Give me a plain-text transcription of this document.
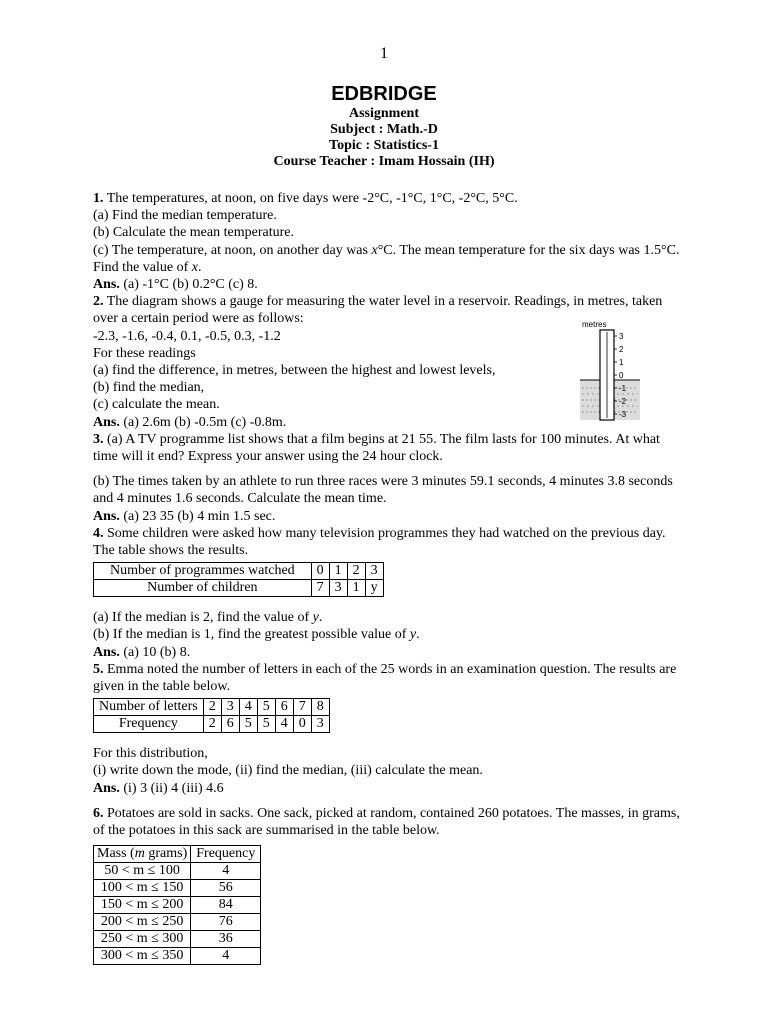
1
EDBRIDGE
Assignment
Subject : Math.-D
Topic : Statistics-1
Course Teacher : Imam Hossain (IH)

1. The temperatures, at noon, on five days were -2°C, -1°C, 1°C, -2°C, 5°C.

(a) Find the median temperature.

(b) Calculate the mean temperature.

(c) The temperature, at noon, on another day was x°C. The mean temperature for the six days was 1.5°C. Find the value of x.

Ans. (a) -1°C (b) 0.2°C (c) 8.

2. The diagram shows a gauge for measuring the water level in a reservoir. Readings, in metres, taken over a certain period were as follows:

-2.3, -1.6, -0.4, 0.1, -0.5, 0.3, -1.2

For these readings

(a) find the difference, in metres, between the highest and lowest levels,

(b) find the median,

(c) calculate the mean.

Ans. (a) 2.6m (b) -0.5m (c) -0.8m.

3. (a) A TV programme list shows that a film begins at 21 55. The film lasts for 100 minutes. At what time will it end? Express your answer using the 24 hour clock.

(b) The times taken by an athlete to run three races were 3 minutes 59.1 seconds, 4 minutes 3.8 seconds and 4 minutes 1.6 seconds. Calculate the mean time.

Ans. (a) 23 35 (b) 4 min 1.5 sec.

4. Some children were asked how many television programmes they had watched on the previous day. The table shows the results.

Number of programmes watched	0	1	2	3
Number of children	7	3	1	y

(a) If the median is 2, find the value of y.

(b) If the median is 1, find the greatest possible value of y.

Ans. (a) 10 (b) 8.

5. Emma noted the number of letters in each of the 25 words in an examination question. The results are given in the table below.

Number of letters	2	3	4	5	6	7	8
Frequency	2	6	5	5	4	0	3

For this distribution,

(i) write down the mode, (ii) find the median, (iii) calculate the mean.

Ans. (i) 3 (ii) 4 (iii) 4.6

6. Potatoes are sold in sacks. One sack, picked at random, contained 260 potatoes. The masses, in grams, of the potatoes in this sack are summarised in the table below.

Mass (m grams)	Frequency
50 < m ≤ 100	4
100 < m ≤ 150	56
150 < m ≤ 200	84
200 < m ≤ 250	76
250 < m ≤ 300	36
300 < m ≤ 350	4
metres
3
2
1
0
-1
-2
-3
